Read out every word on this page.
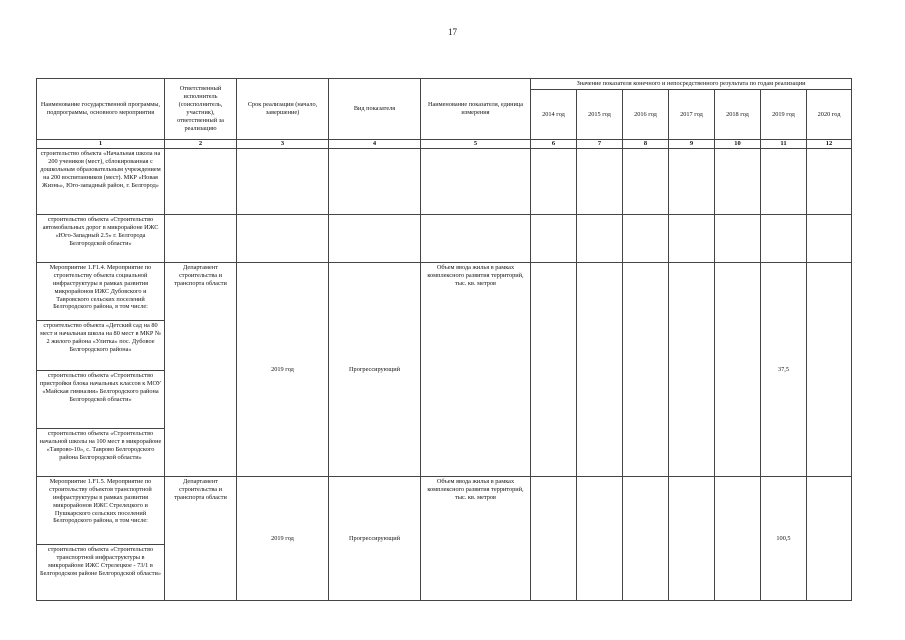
17
Наименование государственной программы, подпрограммы, основного мероприятия	Ответственный исполнитель (соисполнитель, участник), ответственный за реализацию	Срок реализации (начало, завершение)	Вид показателя	Наименование показателя, единица измерения	Значение показателя конечного и непосредственного результата по годам реализации						
					2014 год	2015 год	2016 год	2017 год	2018 год	2019 год	2020 год
1	2	3	4	5	6	7	8	9	10	11	12
строительство объекта «Начальная школа на 200 учеников (мест), сблокированная с дошкольным образовательным учреждением на 200 воспитанников (мест). МКР «Новая Жизнь», Юго-западный район, г. Белгород»											
строительство объекта «Строительство автомобильных дорог в микрорайоне ИЖС «Юго-Западный 2.5» г. Белгорода Белгородской области»											
Мероприятие 1.F1.4. Мероприятие по строительству объекта социальной инфраструктуры в рамках развития микрорайонов ИЖС Дубовского и Тавровского сельских поселений Белгородского района, в том числе:	Департамент строительства и транспорта области	2019 год	Прогрессирующий	Объем ввода жилья в рамках комплексного развития территорий, тыс. кв. метров						37,5	
строительство объекта «Детский сад на 80 мест и начальная школа на 80 мест в МКР № 2 жилого района «Улитка» пос. Дубовое Белгородского района»											
строительство объекта «Строительство пристройки блока начальных классов к МОУ «Майская гимназия» Белгородского района Белгородской области»											
строительство объекта «Строительство начальной школы на 100 мест в микрорайоне «Таврово-10», с. Таврово Белгородского района Белгородской области»											
Мероприятие 1.F1.5. Мероприятие по строительству объектов транспортной инфраструктуры в рамках развития микрорайонов ИЖС Стрелецкого и Пушкарского сельских поселений Белгородского района, в том числе:	Департамент строительства и транспорта области	2019 год	Прогрессирующий	Объем ввода жилья в рамках комплексного развития территорий, тыс. кв. метров						100,5	
строительство объекта «Строительство транспортной инфраструктуры в микрорайоне ИЖС Стрелецкое - 73/1 в Белгородском районе Белгородской области»											
